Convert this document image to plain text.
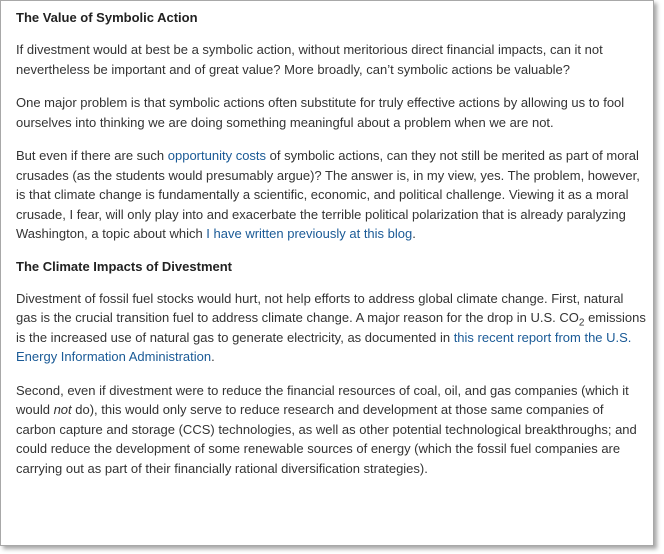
The Value of Symbolic Action

If divestment would at best be a symbolic action, without meritorious direct financial impacts, can it not nevertheless be important and of great value? More broadly, can’t symbolic actions be valuable?

One major problem is that symbolic actions often substitute for truly effective actions by allowing us to fool ourselves into thinking we are doing something meaningful about a problem when we are not.

But even if there are such opportunity costs of symbolic actions, can they not still be merited as part of moral crusades (as the students would presumably argue)? The answer is, in my view, yes. The problem, however, is that climate change is fundamentally a scientific, economic, and political challenge. Viewing it as a moral crusade, I fear, will only play into and exacerbate the terrible political polarization that is already paralyzing Washington, a topic about which I have written previously at this blog.

The Climate Impacts of Divestment

Divestment of fossil fuel stocks would hurt, not help efforts to address global climate change. First, natural gas is the crucial transition fuel to address climate change. A major reason for the drop in U.S. $CO_2$ emissions is the increased use of natural gas to generate electricity, as documented in this recent report from the U.S. Energy Information Administration.

Second, even if divestment were to reduce the financial resources of coal, oil, and gas companies (which it would not do), this would only serve to reduce research and development at those same companies of carbon capture and storage (CCS) technologies, as well as other potential technological breakthroughs; and could reduce the development of some renewable sources of energy (which the fossil fuel companies are carrying out as part of their financially rational diversification strategies).
